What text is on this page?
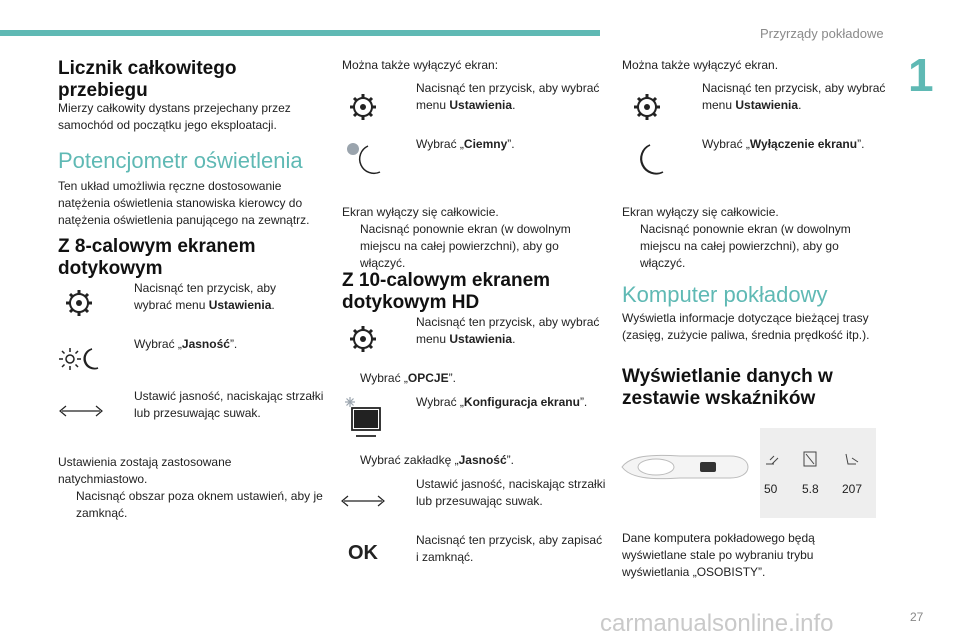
Przyrządy pokładowe
1
Licznik całkowitego przebiegu
Mierzy całkowity dystans przejechany przez samochód od początku jego eksploatacji.
Potencjometr oświetlenia
Ten układ umożliwia ręczne dostosowanie natężenia oświetlenia stanowiska kierowcy do natężenia oświetlenia panującego na zewnątrz.
Z 8-calowym ekranem dotykowym
Nacisnąć ten przycisk, aby wybrać menu Ustawienia.
Wybrać „Jasność”.
Ustawić jasność, naciskając strzałki lub przesuwając suwak.
Ustawienia zostają zastosowane natychmiastowo.
Nacisnąć obszar poza oknem ustawień, aby je zamknąć.
Można także wyłączyć ekran:
Nacisnąć ten przycisk, aby wybrać menu Ustawienia.
Wybrać „Ciemny”.
Ekran wyłączy się całkowicie.
Nacisnąć ponownie ekran (w dowolnym miejscu na całej powierzchni), aby go włączyć.
Z 10-calowym ekranem dotykowym HD
Nacisnąć ten przycisk, aby wybrać menu Ustawienia.
Wybrać „OPCJE”.
Wybrać „Konfiguracja ekranu”.
Wybrać zakładkę „Jasność”.
Ustawić jasność, naciskając strzałki lub przesuwając suwak.
OK
Nacisnąć ten przycisk, aby zapisać i zamknąć.
Można także wyłączyć ekran.
Nacisnąć ten przycisk, aby wybrać menu Ustawienia.
Wybrać „Wyłączenie ekranu”.
Ekran wyłączy się całkowicie.
Nacisnąć ponownie ekran (w dowolnym miejscu na całej powierzchni), aby go włączyć.
Komputer pokładowy
Wyświetla informacje dotyczące bieżącej trasy (zasięg, zużycie paliwa, średnia prędkość itp.).
Wyświetlanie danych w zestawie wskaźników
50 5.8 207
Dane komputera pokładowego będą wyświetlane stale po wybraniu trybu wyświetlania „OSOBISTY”.
27
carmanualsonline.info
